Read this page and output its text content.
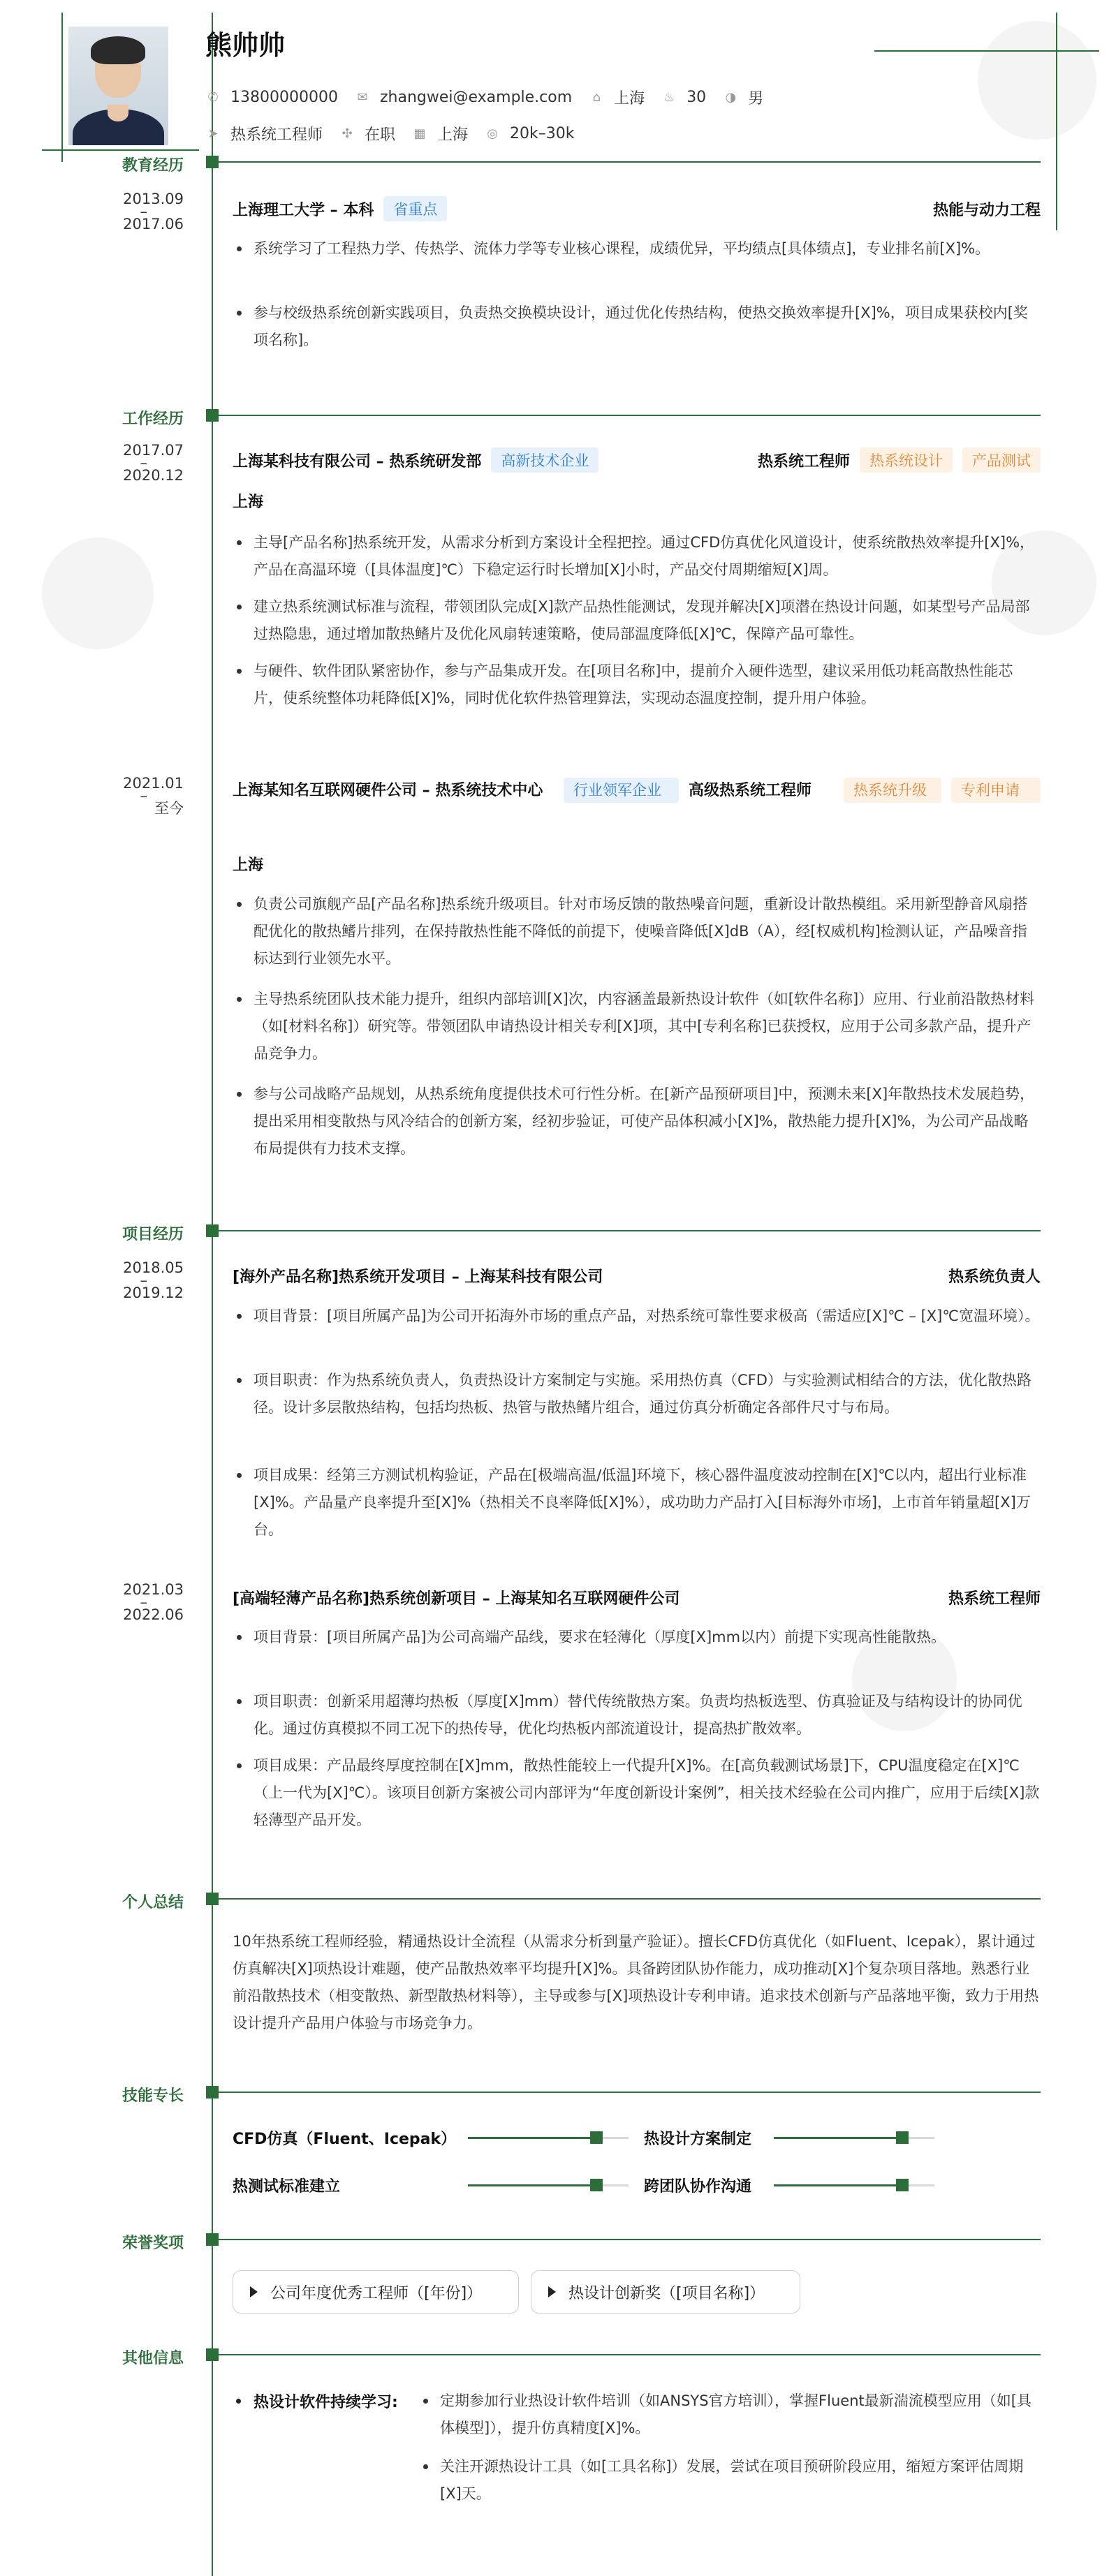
熊帅帅
✆ 13800000000 ✉ zhangwei@example.com ⌂ 上海 ♨ 30 ◑ 男
➤ 热系统工程师 ✣ 在职 ▦ 上海 ◎ 20k–30k
教育经历
2013.09
–
2017.06
上海理工大学 – 本科	省重点	热能与动力工程
系统学习了工程热力学、传热学、流体力学等专业核心课程，成绩优异，平均绩点[具体绩点]，专业排名前[X]%。
参与校级热系统创新实践项目，负责热交换模块设计，通过优化传热结构，使热交换效率提升[X]%，项目成果获校内[奖项名称]。
工作经历
2017.07
–
2020.12
上海某科技有限公司 – 热系统研发部	高新技术企业	热系统工程师	热系统设计	产品测试
上海
主导[产品名称]热系统开发，从需求分析到方案设计全程把控。通过CFD仿真优化风道设计，使系统散热效率提升[X]%，产品在高温环境（[具体温度]℃）下稳定运行时长增加[X]小时，产品交付周期缩短[X]周。
建立热系统测试标准与流程，带领团队完成[X]款产品热性能测试，发现并解决[X]项潜在热设计问题，如某型号产品局部过热隐患，通过增加散热鳍片及优化风扇转速策略，使局部温度降低[X]℃，保障产品可靠性。
与硬件、软件团队紧密协作，参与产品集成开发。在[项目名称]中，提前介入硬件选型，建议采用低功耗高散热性能芯片，使系统整体功耗降低[X]%，同时优化软件热管理算法，实现动态温度控制，提升用户体验。
2021.01
–
至今
上海某知名互联网硬件公司 – 热系统技术中心	行业领军企业	高级热系统工程师	热系统升级	专利申请
上海
负责公司旗舰产品[产品名称]热系统升级项目。针对市场反馈的散热噪音问题，重新设计散热模组。采用新型静音风扇搭配优化的散热鳍片排列，在保持散热性能不降低的前提下，使噪音降低[X]dB（A），经[权威机构]检测认证，产品噪音指标达到行业领先水平。
主导热系统团队技术能力提升，组织内部培训[X]次，内容涵盖最新热设计软件（如[软件名称]）应用、行业前沿散热材料（如[材料名称]）研究等。带领团队申请热设计相关专利[X]项，其中[专利名称]已获授权，应用于公司多款产品，提升产品竞争力。
参与公司战略产品规划，从热系统角度提供技术可行性分析。在[新产品预研项目]中，预测未来[X]年散热技术发展趋势，提出采用相变散热与风冷结合的创新方案，经初步验证，可使产品体积减小[X]%，散热能力提升[X]%，为公司产品战略布局提供有力技术支撑。
项目经历
2018.05
–
2019.12
[海外产品名称]热系统开发项目 – 上海某科技有限公司	热系统负责人
项目背景：[项目所属产品]为公司开拓海外市场的重点产品，对热系统可靠性要求极高（需适应[X]℃ – [X]℃宽温环境）。
项目职责：作为热系统负责人，负责热设计方案制定与实施。采用热仿真（CFD）与实验测试相结合的方法，优化散热路径。设计多层散热结构，包括均热板、热管与散热鳍片组合，通过仿真分析确定各部件尺寸与布局。
项目成果：经第三方测试机构验证，产品在[极端高温/低温]环境下，核心器件温度波动控制在[X]℃以内，超出行业标准[X]%。产品量产良率提升至[X]%（热相关不良率降低[X]%），成功助力产品打入[目标海外市场]，上市首年销量超[X]万台。
2021.03
–
2022.06
[高端轻薄产品名称]热系统创新项目 – 上海某知名互联网硬件公司	热系统工程师
项目背景：[项目所属产品]为公司高端产品线，要求在轻薄化（厚度[X]mm以内）前提下实现高性能散热。
项目职责：创新采用超薄均热板（厚度[X]mm）替代传统散热方案。负责均热板选型、仿真验证及与结构设计的协同优化。通过仿真模拟不同工况下的热传导，优化均热板内部流道设计，提高热扩散效率。
项目成果：产品最终厚度控制在[X]mm，散热性能较上一代提升[X]%。在[高负载测试场景]下，CPU温度稳定在[X]℃（上一代为[X]℃）。该项目创新方案被公司内部评为“年度创新设计案例”，相关技术经验在公司内推广，应用于后续[X]款轻薄型产品开发。
个人总结
10年热系统工程师经验，精通热设计全流程（从需求分析到量产验证）。擅长CFD仿真优化（如Fluent、Icepak），累计通过仿真解决[X]项热设计难题，使产品散热效率平均提升[X]%。具备跨团队协作能力，成功推动[X]个复杂项目落地。熟悉行业前沿散热技术（相变散热、新型散热材料等），主导或参与[X]项热设计专利申请。追求技术创新与产品落地平衡，致力于用热设计提升产品用户体验与市场竞争力。
技能专长
CFD仿真（Fluent、Icepak）	热设计方案制定
热测试标准建立	跨团队协作沟通
荣誉奖项
公司年度优秀工程师（[年份]）	热设计创新奖（[项目名称]）
其他信息
热设计软件持续学习:	定期参加行业热设计软件培训（如ANSYS官方培训），掌握Fluent最新湍流模型应用（如[具体模型]），提升仿真精度[X]%。
关注开源热设计工具（如[工具名称]）发展，尝试在项目预研阶段应用，缩短方案评估周期[X]天。
